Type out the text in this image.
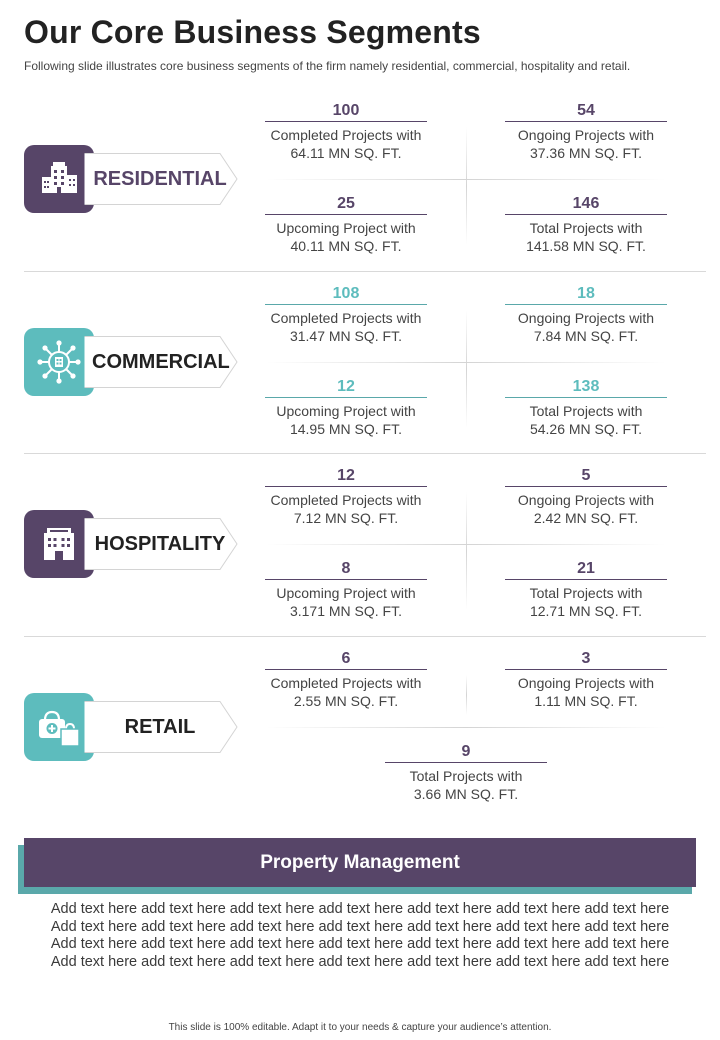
Our Core Business Segments

Following slide illustrates core business segments of the firm namely residential, commercial, hospitality and retail.

RESIDENTIAL
100
Completed Projects with
64.11 MN SQ. FT.
54
Ongoing Projects with
37.36 MN SQ. FT.
25
Upcoming Project with
40.11 MN SQ. FT.
146
Total Projects with
141.58 MN SQ. FT.
COMMERCIAL
108
Completed Projects with
31.47 MN SQ. FT.
18
Ongoing Projects with
7.84 MN SQ. FT.
12
Upcoming Project with
14.95 MN SQ. FT.
138
Total Projects with
54.26 MN SQ. FT.
HOSPITALITY
12
Completed Projects with
7.12 MN SQ. FT.
5
Ongoing Projects with
2.42 MN SQ. FT.
8
Upcoming Project with
3.171 MN SQ. FT.
21
Total Projects with
12.71 MN SQ. FT.
RETAIL
6
Completed Projects with
2.55 MN SQ. FT.
3
Ongoing Projects with
1.11 MN SQ. FT.
9
Total Projects with
3.66 MN SQ. FT.
Property Management
Add text here add text here add text here add text here add text here add text here add text here
Add text here add text here add text here add text here add text here add text here add text here
Add text here add text here add text here add text here add text here add text here add text here
Add text here add text here add text here add text here add text here add text here add text here
This slide is 100% editable. Adapt it to your needs & capture your audience’s attention.
